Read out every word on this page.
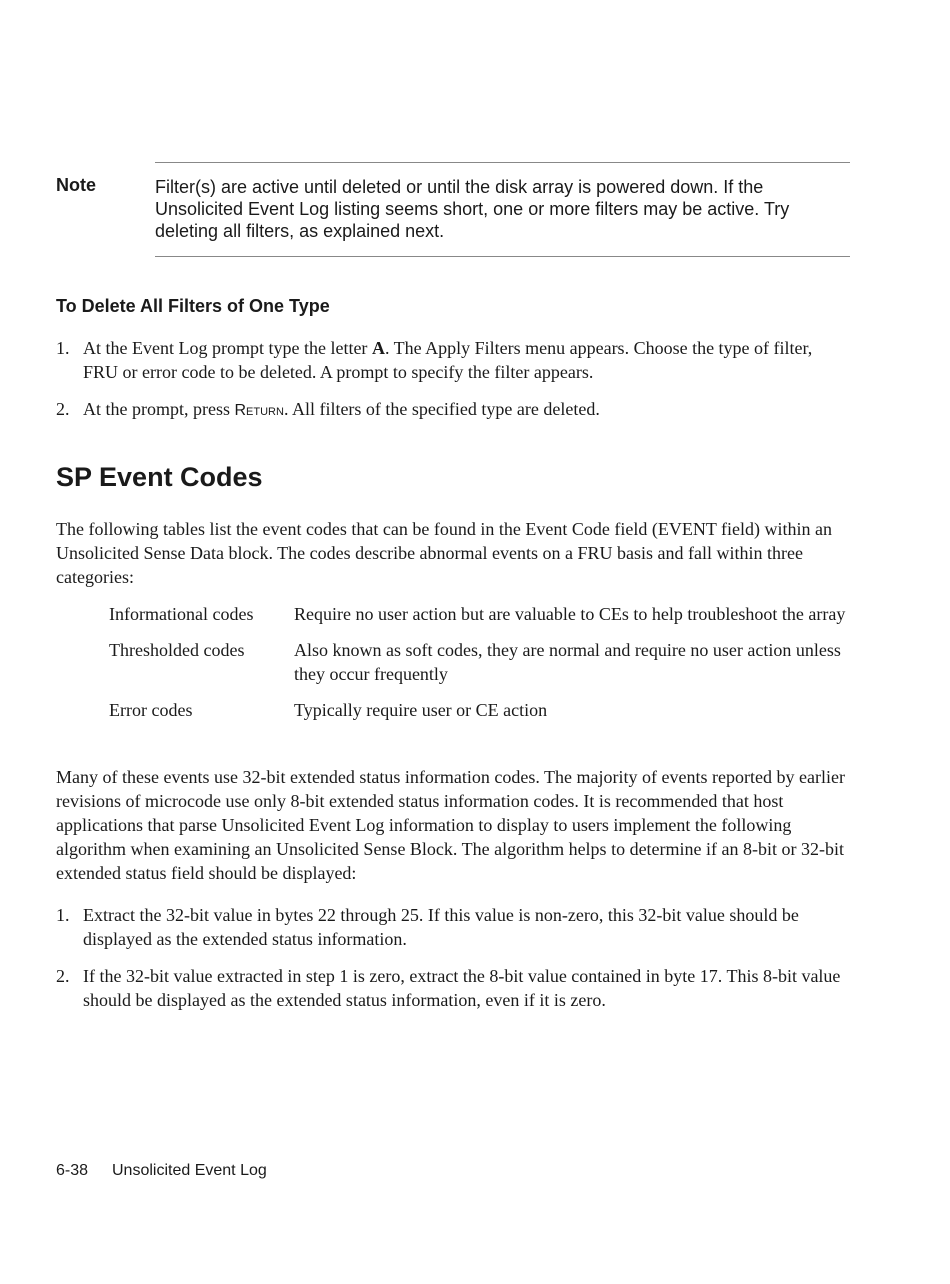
Note	Filter(s) are active until deleted or until the disk array is powered down. If the Unsolicited Event Log listing seems short, one or more filters may be active. Try deleting all filters, as explained next.
To Delete All Filters of One Type
1. At the Event Log prompt type the letter A. The Apply Filters menu appears. Choose the type of filter, FRU or error code to be deleted. A prompt to specify the filter appears.
2. At the prompt, press Return. All filters of the specified type are deleted.
SP Event Codes
The following tables list the event codes that can be found in the Event Code field (EVENT field) within an Unsolicited Sense Data block. The codes describe abnormal events on a FRU basis and fall within three categories:
Informational codes	Require no user action but are valuable to CEs to help troubleshoot the array
Thresholded codes	Also known as soft codes, they are normal and require no user action unless they occur frequently
Error codes	Typically require user or CE action
Many of these events use 32-bit extended status information codes. The majority of events reported by earlier revisions of microcode use only 8-bit extended status information codes. It is recommended that host applications that parse Unsolicited Event Log information to display to users implement the following algorithm when examining an Unsolicited Sense Block. The algorithm helps to determine if an 8-bit or 32-bit extended status field should be displayed:
1. Extract the 32-bit value in bytes 22 through 25. If this value is non-zero, this 32-bit value should be displayed as the extended status information.
2. If the 32-bit value extracted in step 1 is zero, extract the 8-bit value contained in byte 17. This 8-bit value should be displayed as the extended status information, even if it is zero.
6-38 Unsolicited Event Log
